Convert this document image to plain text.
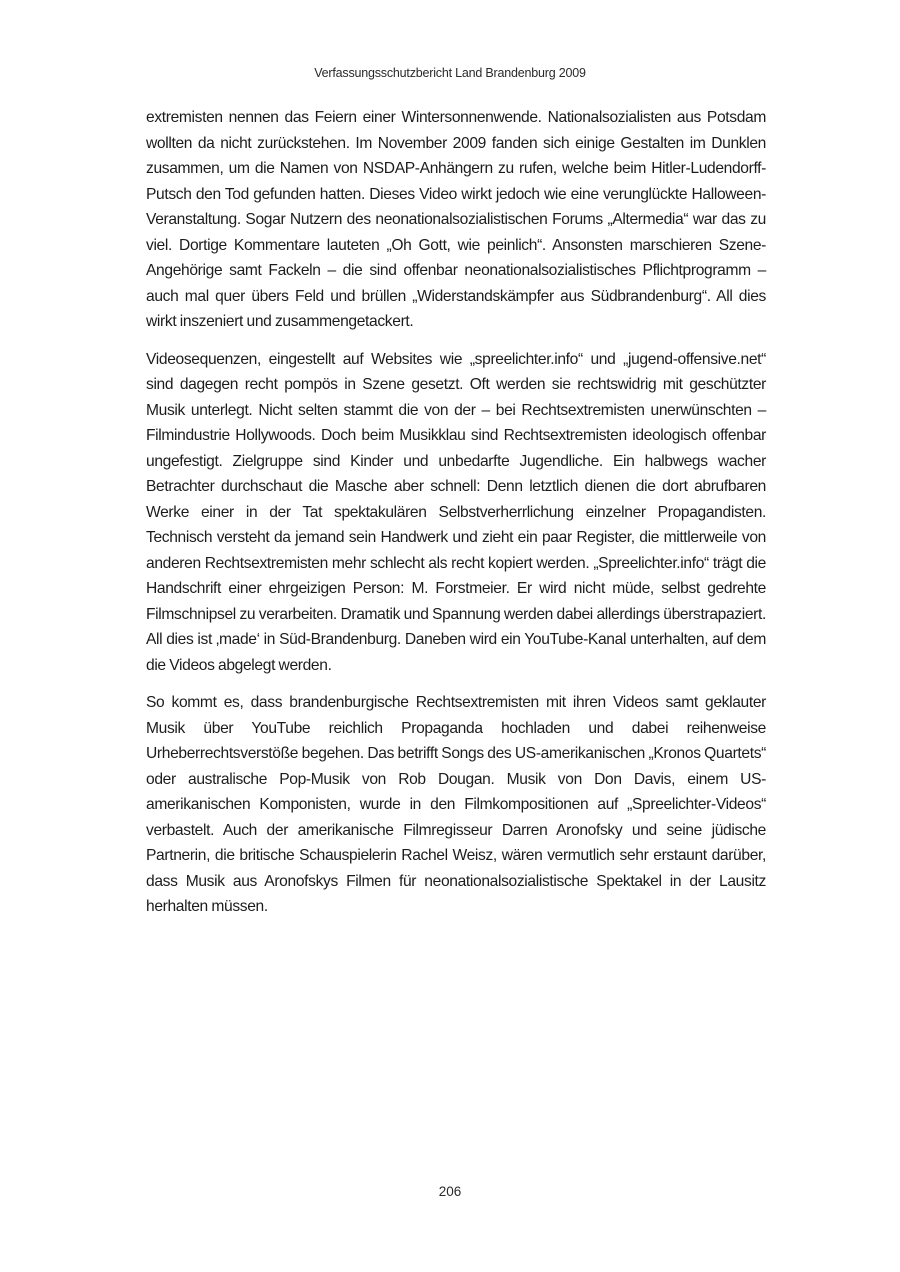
Verfassungsschutzbericht Land Brandenburg 2009

extremisten nennen das Feiern einer Wintersonnenwende. Nationalsozialisten aus Potsdam wollten da nicht zurückstehen. Im November 2009 fanden sich einige Gestalten im Dunklen zusammen, um die Namen von NSDAP-Anhängern zu rufen, welche beim Hitler-Ludendorff-Putsch den Tod gefunden hatten. Dieses Video wirkt jedoch wie eine verunglückte Halloween-Veranstaltung. Sogar Nutzern des neonationalsozialistischen Forums „Altermedia“ war das zu viel. Dortige Kommentare lauteten „Oh Gott, wie peinlich“. Ansonsten marschieren Szene-Angehörige samt Fackeln – die sind offenbar neonationalsozialistisches Pflichtprogramm – auch mal quer übers Feld und brüllen „Widerstandskämpfer aus Südbrandenburg“. All dies wirkt inszeniert und zusammengetackert.

Videosequenzen, eingestellt auf Websites wie „spreelichter.info“ und „jugend-offensive.net“ sind dagegen recht pompös in Szene gesetzt. Oft werden sie rechtswidrig mit geschützter Musik unterlegt. Nicht selten stammt die von der – bei Rechtsextremisten unerwünschten – Filmindustrie Hollywoods. Doch beim Musikklau sind Rechtsextremisten ideologisch offenbar ungefestigt. Zielgruppe sind Kinder und unbedarfte Jugendliche. Ein halbwegs wacher Betrachter durchschaut die Masche aber schnell: Denn letztlich dienen die dort abrufbaren Werke einer in der Tat spektakulären Selbstverherrlichung einzelner Propagandisten. Technisch versteht da jemand sein Handwerk und zieht ein paar Register, die mittlerweile von anderen Rechtsextremisten mehr schlecht als recht kopiert werden. „Spreelichter.info“ trägt die Handschrift einer ehrgeizigen Person: M. Forstmeier. Er wird nicht müde, selbst gedrehte Filmschnipsel zu verarbeiten. Dramatik und Spannung werden dabei allerdings überstrapaziert. All dies ist ‚made‘ in Süd-Brandenburg. Daneben wird ein YouTube-Kanal unterhalten, auf dem die Videos abgelegt werden.

So kommt es, dass brandenburgische Rechtsextremisten mit ihren Videos samt geklauter Musik über YouTube reichlich Propaganda hochladen und dabei reihenweise Urheberrechtsverstöße begehen. Das betrifft Songs des US-amerikanischen „Kronos Quartets“ oder australische Pop-Musik von Rob Dougan. Musik von Don Davis, einem US-amerikanischen Komponisten, wurde in den Filmkompositionen auf „Spreelichter-Videos“ verbastelt. Auch der amerikanische Filmregisseur Darren Aronofsky und seine jüdische Partnerin, die britische Schauspielerin Rachel Weisz, wären vermutlich sehr erstaunt darüber, dass Musik aus Aronofskys Filmen für neonationalsozialistische Spektakel in der Lausitz herhalten müssen.

206
